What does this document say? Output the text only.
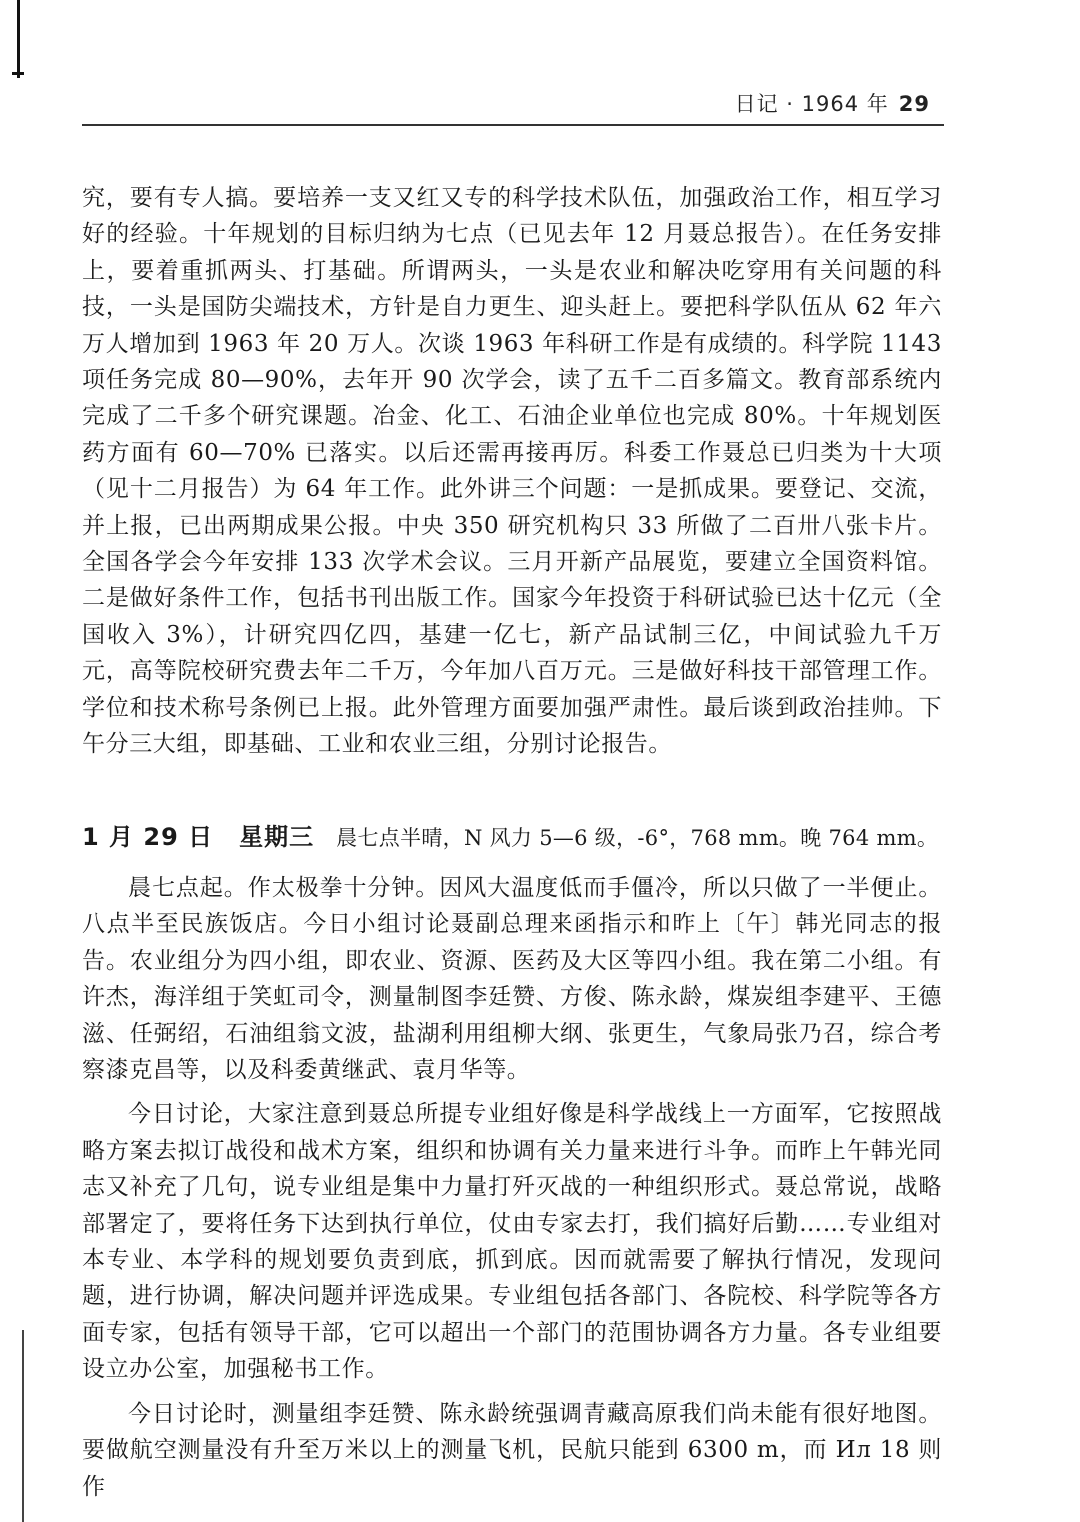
日记 · 1964 年 29

究，要有专人搞。要培养一支又红又专的科学技术队伍，加强政治工作，相互学习好的经验。十年规划的目标归纳为七点（已见去年 12 月聂总报告）。在任务安排上，要着重抓两头、打基础。所谓两头，一头是农业和解决吃穿用有关问题的科技，一头是国防尖端技术，方针是自力更生、迎头赶上。要把科学队伍从 62 年六万人增加到 1963 年 20 万人。次谈 1963 年科研工作是有成绩的。科学院 1143 项任务完成 80—90%，去年开 90 次学会，读了五千二百多篇文。教育部系统内完成了二千多个研究课题。冶金、化工、石油企业单位也完成 80%。十年规划医药方面有 60—70% 已落实。以后还需再接再厉。科委工作聂总已归类为十大项（见十二月报告）为 64 年工作。此外讲三个问题：一是抓成果。要登记、交流，并上报，已出两期成果公报。中央 350 研究机构只 33 所做了二百卅八张卡片。全国各学会今年安排 133 次学术会议。三月开新产品展览，要建立全国资料馆。二是做好条件工作，包括书刊出版工作。国家今年投资于科研试验已达十亿元（全国收入 3%），计研究四亿四，基建一亿七，新产品试制三亿，中间试验九千万元，高等院校研究费去年二千万，今年加八百万元。三是做好科技干部管理工作。学位和技术称号条例已上报。此外管理方面要加强严肃性。最后谈到政治挂帅。下午分三大组，即基础、工业和农业三组，分别讨论报告。

1 月 29 日 星期三 晨七点半晴，N 风力 5—6 级，-6°，768 mm。晚 764 mm。

晨七点起。作太极拳十分钟。因风大温度低而手僵冷，所以只做了一半便止。八点半至民族饭店。今日小组讨论聂副总理来函指示和昨上〔午〕韩光同志的报告。农业组分为四小组，即农业、资源、医药及大区等四小组。我在第二小组。有许杰，海洋组于笑虹司令，测量制图李廷赞、方俊、陈永龄，煤炭组李建平、王德滋、任弼绍，石油组翁文波，盐湖利用组柳大纲、张更生，气象局张乃召，综合考察漆克昌等，以及科委黄继武、袁月华等。

今日讨论，大家注意到聂总所提专业组好像是科学战线上一方面军，它按照战略方案去拟订战役和战术方案，组织和协调有关力量来进行斗争。而昨上午韩光同志又补充了几句，说专业组是集中力量打歼灭战的一种组织形式。聂总常说，战略部署定了，要将任务下达到执行单位，仗由专家去打，我们搞好后勤……专业组对本专业、本学科的规划要负责到底，抓到底。因而就需要了解执行情况，发现问题，进行协调，解决问题并评选成果。专业组包括各部门、各院校、科学院等各方面专家，包括有领导干部，它可以超出一个部门的范围协调各方力量。各专业组要设立办公室，加强秘书工作。

今日讨论时，测量组李廷赞、陈永龄统强调青藏高原我们尚未能有很好地图。要做航空测量没有升至万米以上的测量飞机，民航只能到 6300 m，而 Ил 18 则作
